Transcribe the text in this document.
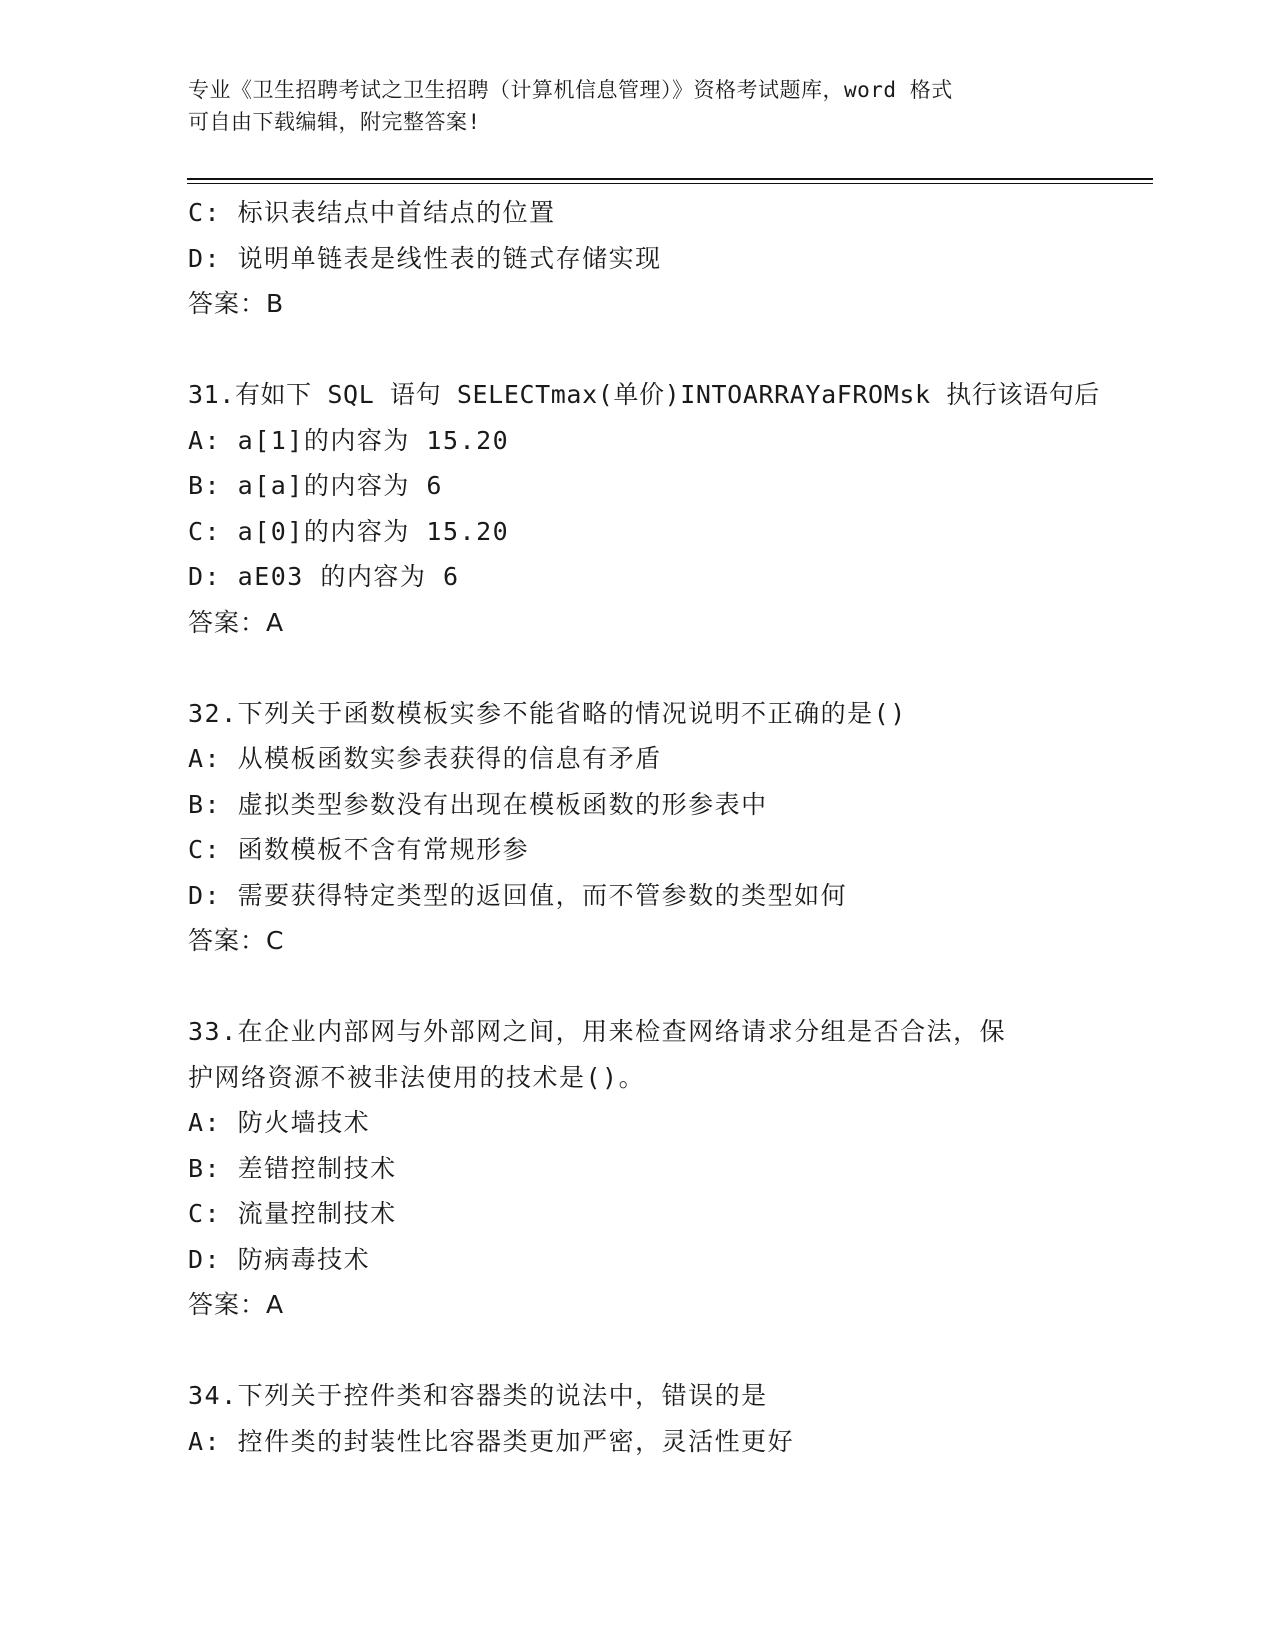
专业《卫生招聘考试之卫生招聘（计算机信息管理）》资格考试题库，word 格式
可自由下载编辑，附完整答案!
C: 标识表结点中首结点的位置
D: 说明单链表是线性表的链式存储实现
答案：B
31.有如下 SQL 语句 SELECTmax(单价)INTOARRAYaFROMsk 执行该语句后
A: a[1]的内容为 15.20
B: a[a]的内容为 6
C: a[0]的内容为 15.20
D: aE03 的内容为 6
答案：A
32.下列关于函数模板实参不能省略的情况说明不正确的是()
A: 从模板函数实参表获得的信息有矛盾
B: 虚拟类型参数没有出现在模板函数的形参表中
C: 函数模板不含有常规形参
D: 需要获得特定类型的返回值，而不管参数的类型如何
答案：C
33.在企业内部网与外部网之间，用来检查网络请求分组是否合法，保
护网络资源不被非法使用的技术是()。
A: 防火墙技术
B: 差错控制技术
C: 流量控制技术
D: 防病毒技术
答案：A
34.下列关于控件类和容器类的说法中，错误的是
A: 控件类的封装性比容器类更加严密，灵活性更好
